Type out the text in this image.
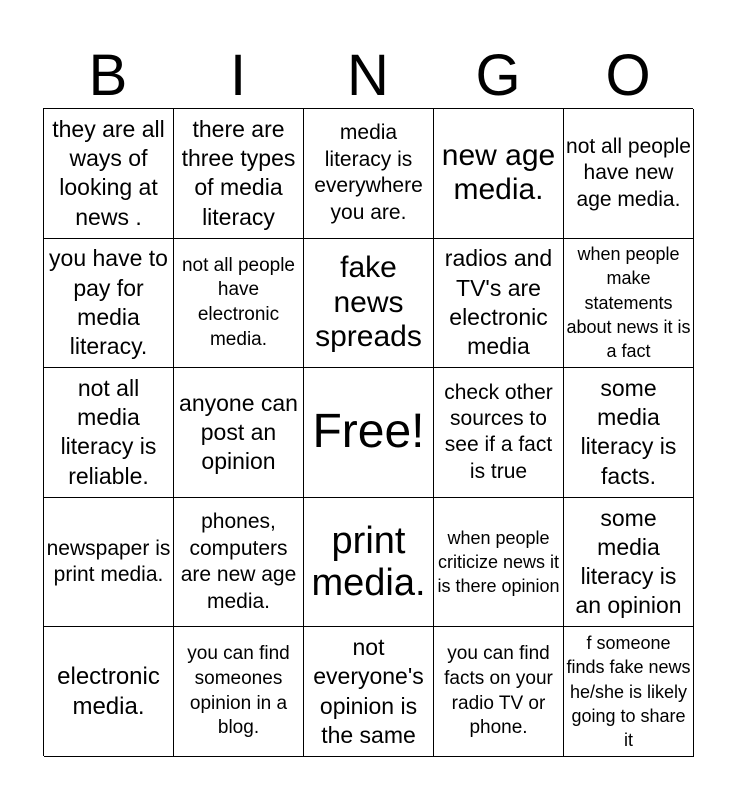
B	I	N	G	O
they are all ways of looking at news .
there are three types of media literacy
media literacy is everywhere you are.
new age media.
not all people have new age media.
you have to pay for media literacy.
not all people have electronic media.
fake news spreads
radios and TV's are electronic media
when people make statements about news it is a fact
not all media literacy is reliable.
anyone can post an opinion
Free!
check other sources to see if a fact is true
some media literacy is facts.
newspaper is print media.
phones, computers are new age media.
print media.
when people criticize news it is there opinion
some media literacy is an opinion
electronic media.
you can find someones opinion in a blog.
not everyone's opinion is the same
you can find facts on your radio TV or phone.
f someone finds fake news he/she is likely going to share it
